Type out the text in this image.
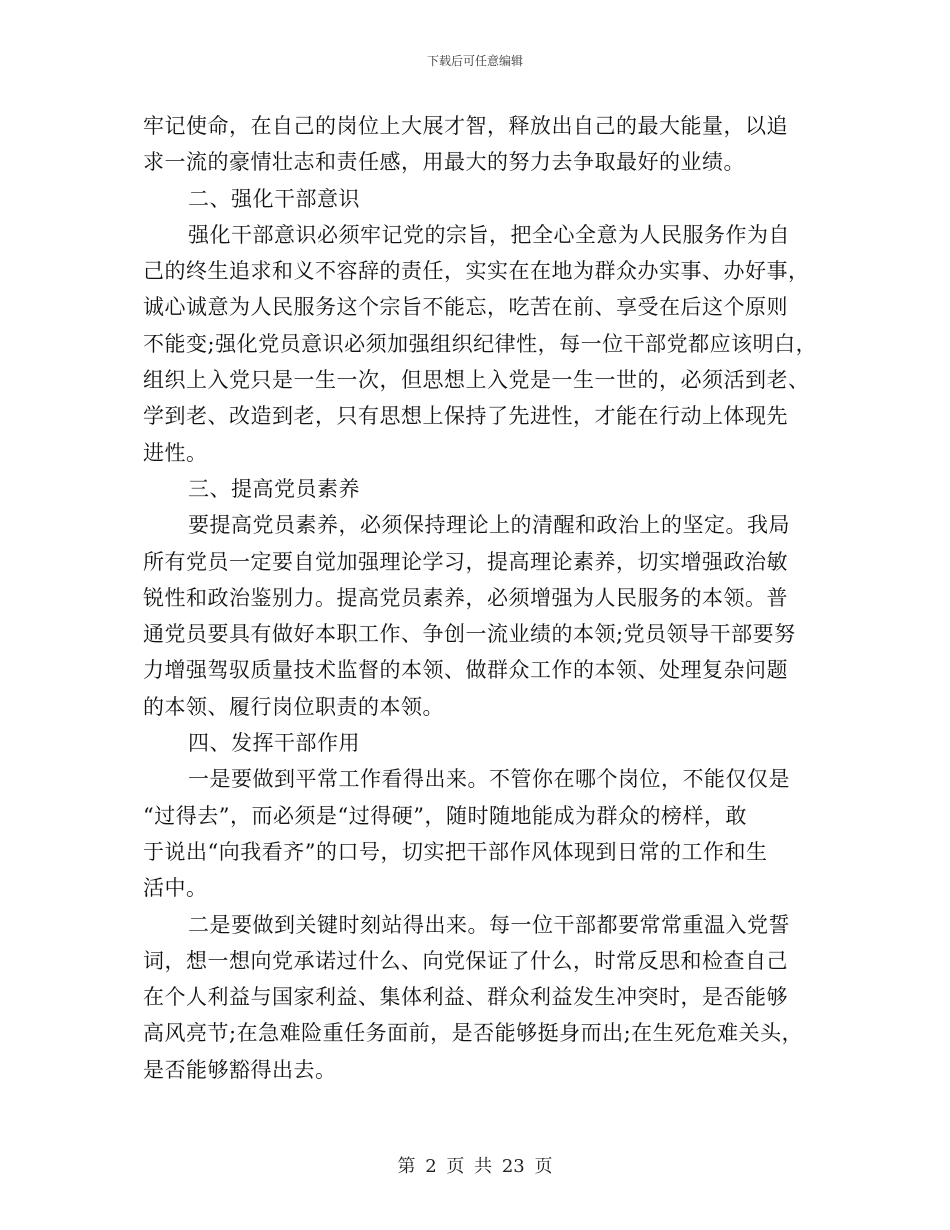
下载后可任意编辑
牢记使命，在自己的岗位上大展才智，释放出自己的最大能量，以追
求一流的豪情壮志和责任感，用最大的努力去争取最好的业绩。
二、强化干部意识
强化干部意识必须牢记党的宗旨，把全心全意为人民服务作为自
己的终生追求和义不容辞的责任，实实在在地为群众办实事、办好事，
诚心诚意为人民服务这个宗旨不能忘，吃苦在前、享受在后这个原则
不能变;强化党员意识必须加强组织纪律性，每一位干部党都应该明白，
组织上入党只是一生一次，但思想上入党是一生一世的，必须活到老、
学到老、改造到老，只有思想上保持了先进性，才能在行动上体现先
进性。
三、提高党员素养
要提高党员素养，必须保持理论上的清醒和政治上的坚定。我局
所有党员一定要自觉加强理论学习，提高理论素养，切实增强政治敏
锐性和政治鉴别力。提高党员素养，必须增强为人民服务的本领。普
通党员要具有做好本职工作、争创一流业绩的本领;党员领导干部要努
力增强驾驭质量技术监督的本领、做群众工作的本领、处理复杂问题
的本领、履行岗位职责的本领。
四、发挥干部作用
一是要做到平常工作看得出来。不管你在哪个岗位，不能仅仅是
“过得去”，而必须是“过得硬”，随时随地能成为群众的榜样，敢
于说出“向我看齐”的口号，切实把干部作风体现到日常的工作和生
活中。
二是要做到关键时刻站得出来。每一位干部都要常常重温入党誓
词，想一想向党承诺过什么、向党保证了什么，时常反思和检查自己
在个人利益与国家利益、集体利益、群众利益发生冲突时，是否能够
高风亮节;在急难险重任务面前，是否能够挺身而出;在生死危难关头，
是否能够豁得出去。
第 2 页 共 23 页
